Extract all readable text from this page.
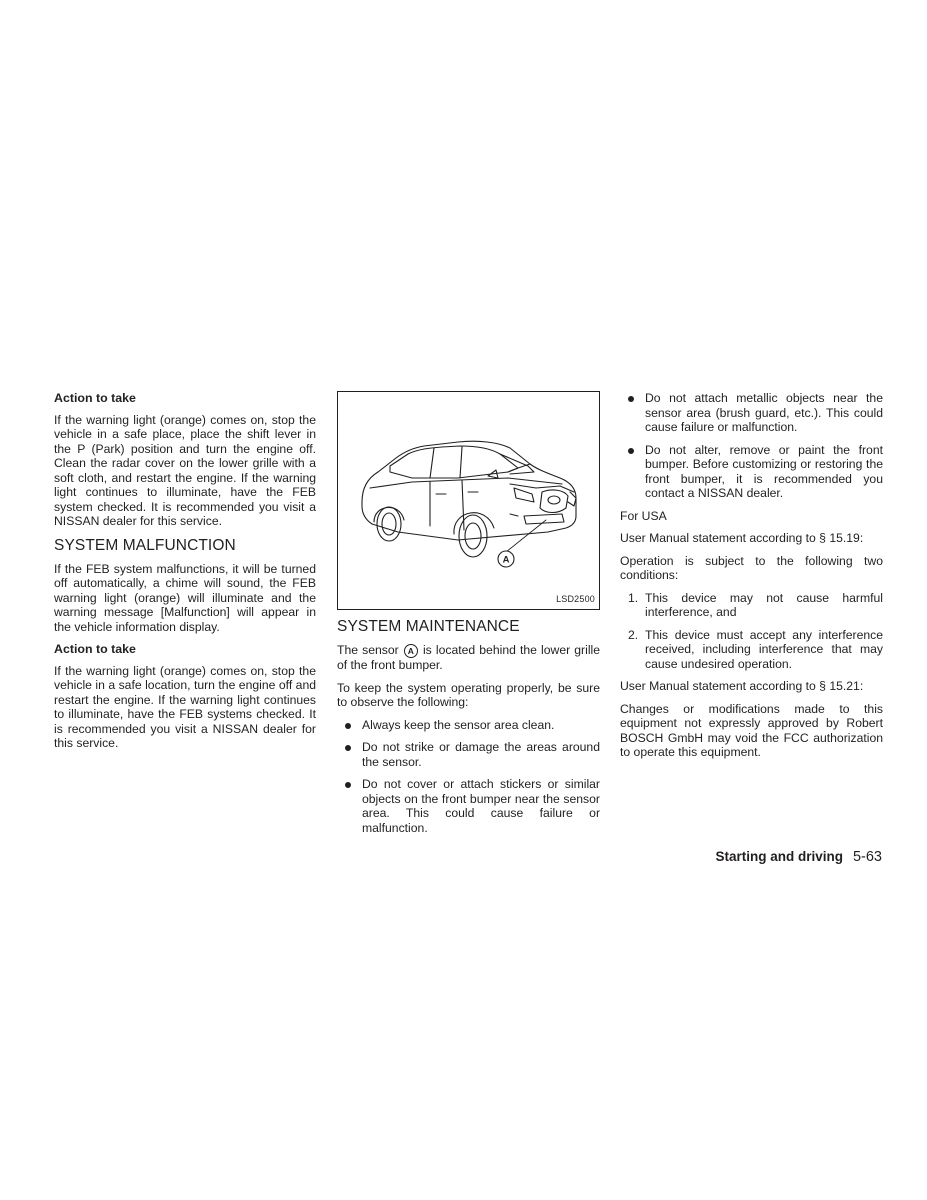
Action to take

If the warning light (orange) comes on, stop the vehicle in a safe place, place the shift lever in the P (Park) position and turn the engine off. Clean the radar cover on the lower grille with a soft cloth, and restart the engine. If the warning light continues to illuminate, have the FEB system checked. It is recommended you visit a NISSAN dealer for this service.

SYSTEM MALFUNCTION

If the FEB system malfunctions, it will be turned off automatically, a chime will sound, the FEB warning light (orange) will illuminate and the warning message [Malfunction] will appear in the vehicle information display.

Action to take

If the warning light (orange) comes on, stop the vehicle in a safe location, turn the engine off and restart the engine. If the warning light continues to illuminate, have the FEB systems checked. It is recommended you visit a NISSAN dealer for this service.

A
LSD2500
SYSTEM MAINTENANCE

The sensor A is located behind the lower grille of the front bumper.

To keep the system operating properly, be sure to observe the following:

Always keep the sensor area clean.
Do not strike or damage the areas around the sensor.
Do not cover or attach stickers or similar objects on the front bumper near the sensor area. This could cause failure or malfunction.
Do not attach metallic objects near the sensor area (brush guard, etc.). This could cause failure or malfunction.
Do not alter, remove or paint the front bumper. Before customizing or restoring the front bumper, it is recommended you contact a NISSAN dealer.

For USA

User Manual statement according to § 15.19:

Operation is subject to the following two conditions:

1. This device may not cause harmful interference, and
2. This device must accept any interference received, including interference that may cause undesired operation.

User Manual statement according to § 15.21:

Changes or modifications made to this equipment not expressly approved by Robert BOSCH GmbH may void the FCC authorization to operate this equipment.

Starting and driving 5-63
